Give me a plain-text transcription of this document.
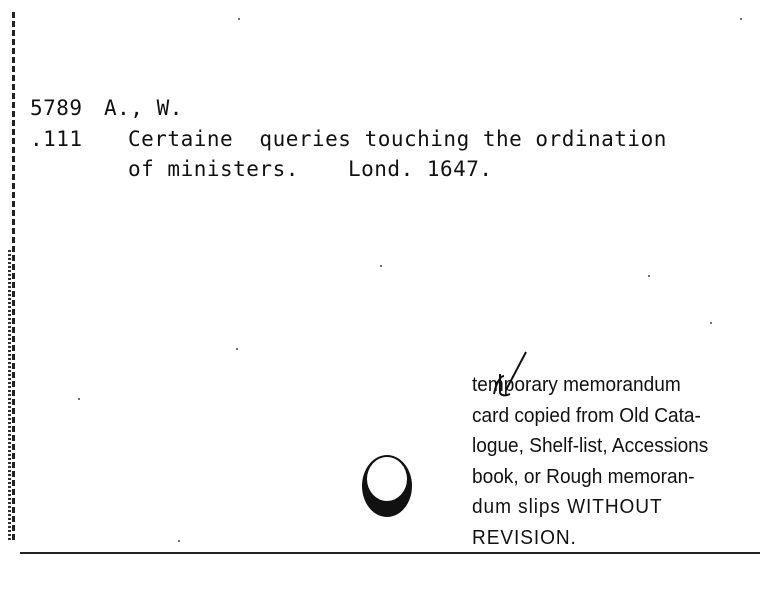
5789 A., W.
.111 Certaine  queries touching the ordination
of ministers. Lond. 1647.
temporary memorandum
card copied from Old Cata-
logue, Shelf-list, Accessions
book, or Rough memoran-
dum slips WITHOUT
REVISION.
